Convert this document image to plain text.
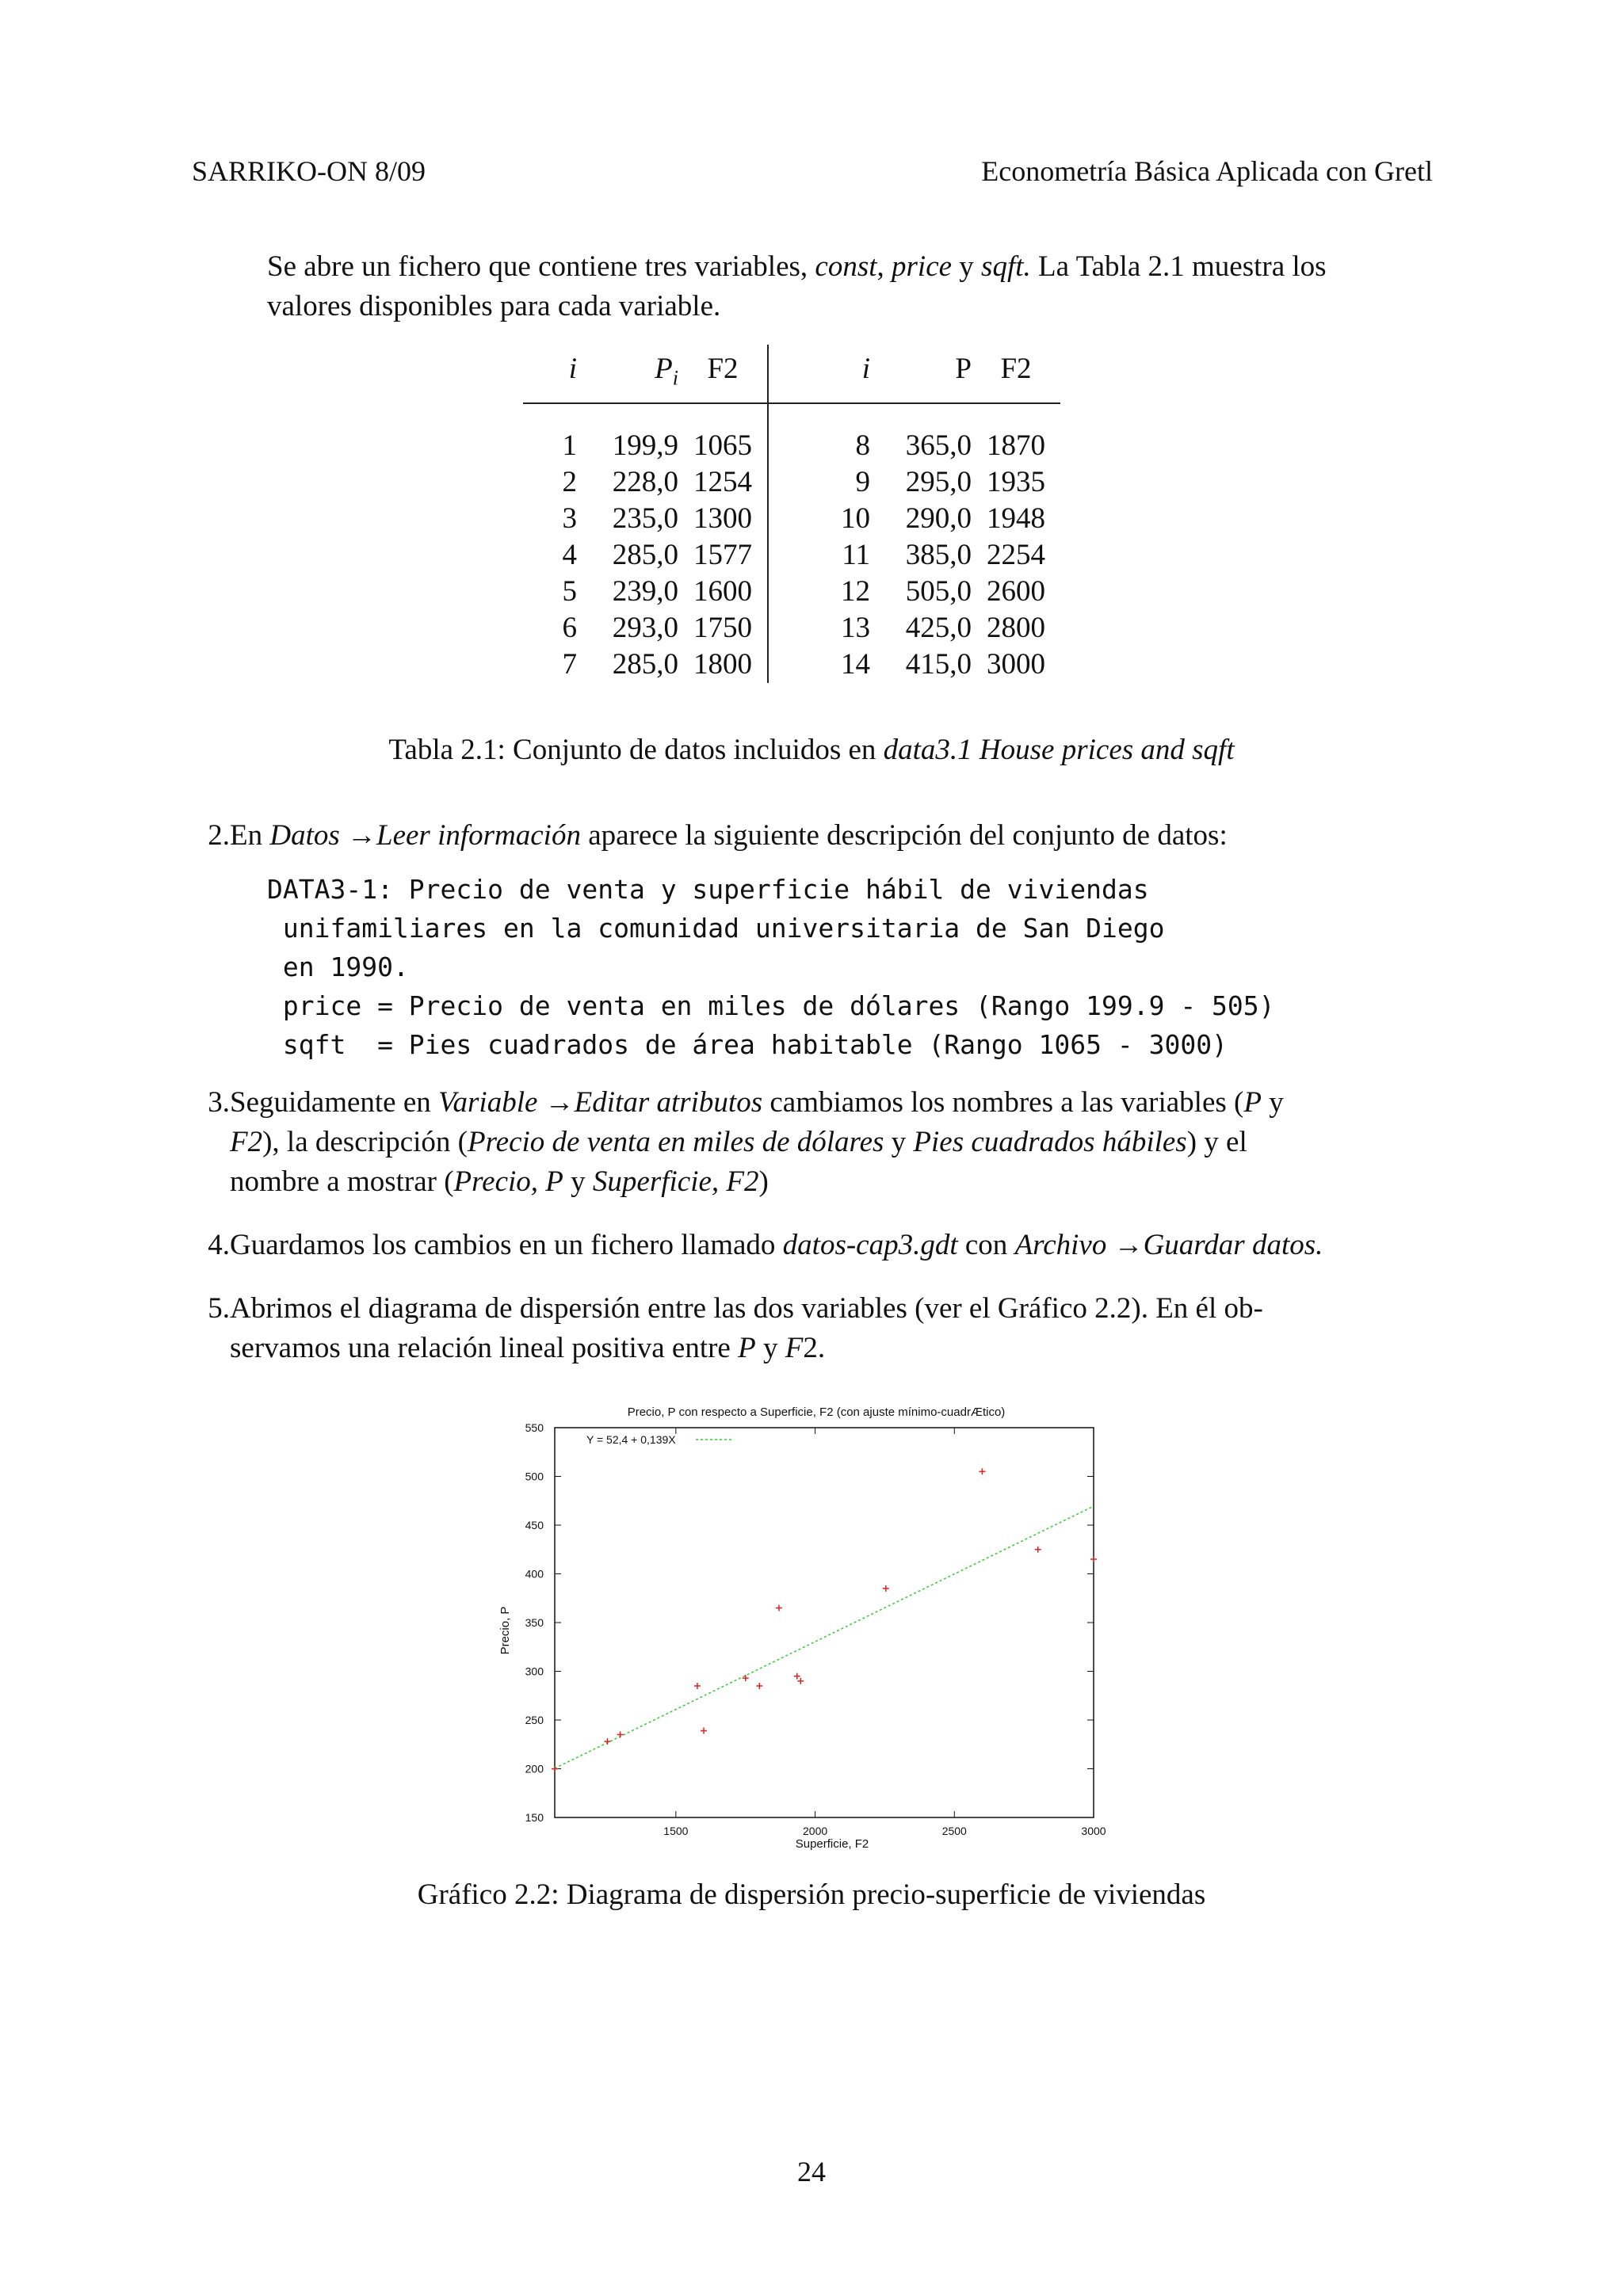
SARRIKO-ON 8/09	Econometría Básica Aplicada con Gretl
Se abre un fichero que contiene tres variables, const, price y sqft. La Tabla 2.1 muestra los
valores disponibles para cada variable.
i	$P_i$	F2		i	P	F2
1	199,9	1065		8	365,0	1870
2	228,0	1254		9	295,0	1935
3	235,0	1300		10	290,0	1948
4	285,0	1577		11	385,0	2254
5	239,0	1600		12	505,0	2600
6	293,0	1750		13	425,0	2800
7	285,0	1800		14	415,0	3000
Tabla 2.1: Conjunto de datos incluidos en data3.1 House prices and sqft
2. En Datos →Leer información aparece la siguiente descripción del conjunto de datos:
DATA3-1: Precio de venta y superficie hábil de viviendas
unifamiliares en la comunidad universitaria de San Diego
en 1990.
price = Precio de venta en miles de dólares (Rango 199.9 - 505)
sqft  = Pies cuadrados de área habitable (Rango 1065 - 3000)
3. Seguidamente en Variable →Editar atributos cambiamos los nombres a las variables (P y
F2), la descripción (Precio de venta en miles de dólares y Pies cuadrados hábiles) y el
nombre a mostrar (Precio, P y Superficie, F2)
4. Guardamos los cambios en un fichero llamado datos-cap3.gdt con Archivo →Guardar datos.
5. Abrimos el diagrama de dispersión entre las dos variables (ver el Gráfico 2.2). En él ob-
servamos una relación lineal positiva entre P y F2.
Precio, P con respecto a Superficie, F2 (con ajuste mínimo-cuadrÆtico)
Superficie, F2
Precio, P
150
200
250
300
350
400
450
500
550
1500	2000	2500	3000
Y = 52,4 + 0,139X
Gráfico 2.2: Diagrama de dispersión precio-superficie de viviendas
24
